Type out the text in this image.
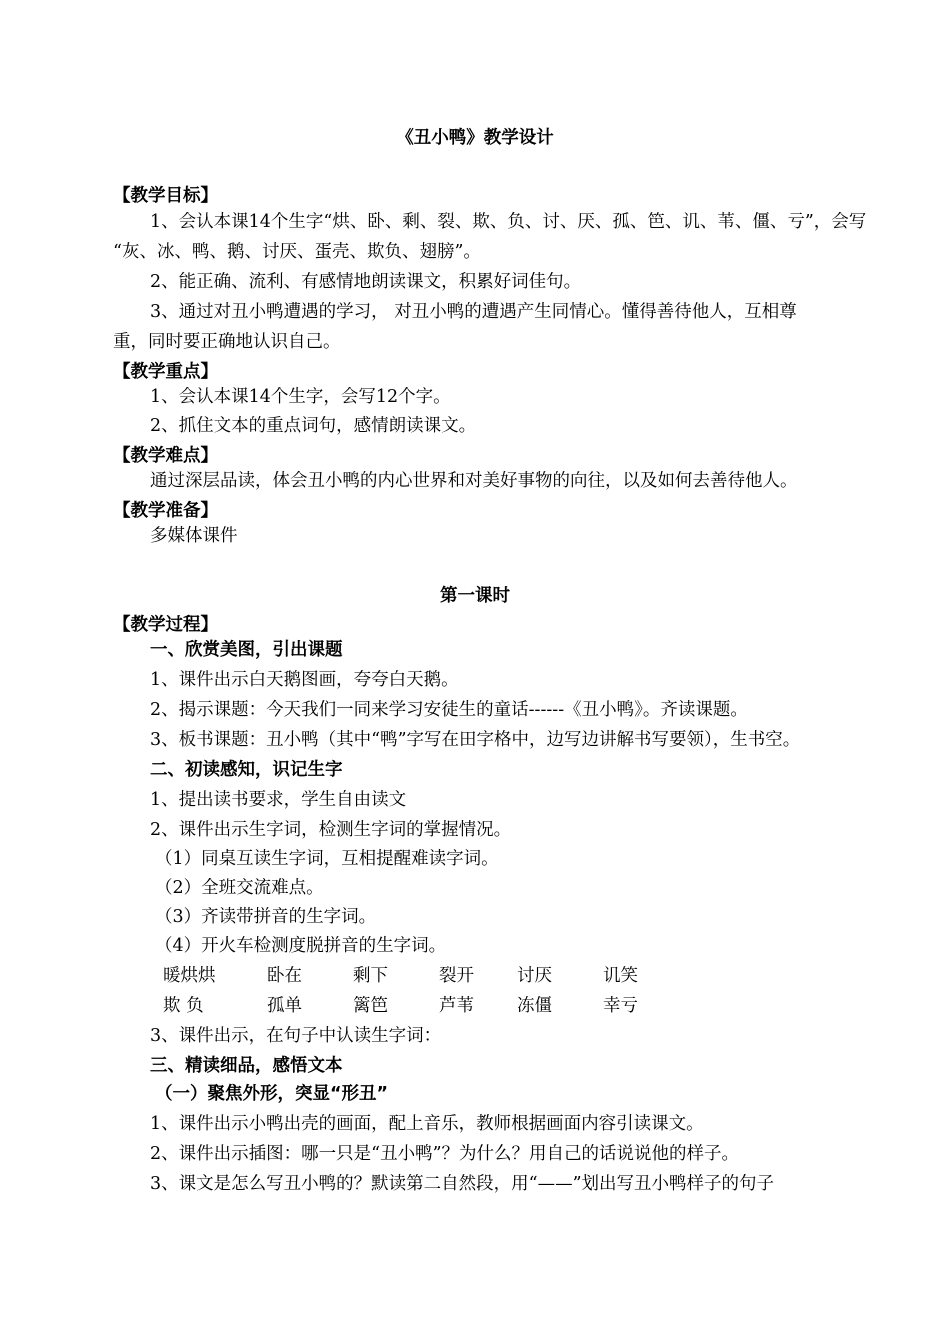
《丑小鸭》教学设计
【教学目标】
1、会认本课14个生字“烘、卧、剩、裂、欺、负、讨、厌、孤、笆、讥、苇、僵、亏”，会写
“灰、冰、鸭、鹅、讨厌、蛋壳、欺负、翅膀”。
2、能正确、流利、有感情地朗读课文，积累好词佳句。
3、通过对丑小鸭遭遇的学习， 对丑小鸭的遭遇产生同情心。懂得善待他人，互相尊
重，同时要正确地认识自己。
【教学重点】
1、会认本课14个生字，会写12个字。
2、抓住文本的重点词句，感情朗读课文。
【教学难点】
通过深层品读，体会丑小鸭的内心世界和对美好事物的向往，以及如何去善待他人。
【教学准备】
多媒体课件
第一课时
【教学过程】
一、欣赏美图，引出课题
1、课件出示白天鹅图画，夸夸白天鹅。
2、揭示课题：今天我们一同来学习安徒生的童话------《丑小鸭》。齐读课题。
3、板书课题：丑小鸭（其中“鸭”字写在田字格中，边写边讲解书写要领），生书空。
二、初读感知，识记生字
1、提出读书要求，学生自由读文
2、课件出示生字词，检测生字词的掌握情况。
（1）同桌互读生字词，互相提醒难读字词。
（2）全班交流难点。
（3）齐读带拼音的生字词。
（4）开火车检测度脱拼音的生字词。
暖烘烘	卧在	剩下	裂开 讨厌	讥笑
欺 负	孤单	篱笆	芦苇 冻僵	幸亏
3、课件出示，在句子中认读生字词：
三、精读细品，感悟文本
（一）聚焦外形，突显“形丑”
1、课件出示小鸭出壳的画面，配上音乐，教师根据画面内容引读课文。
2、课件出示插图：哪一只是“丑小鸭”？为什么？用自己的话说说他的样子。
3、课文是怎么写丑小鸭的？默读第二自然段，用“——”划出写丑小鸭样子的句子
